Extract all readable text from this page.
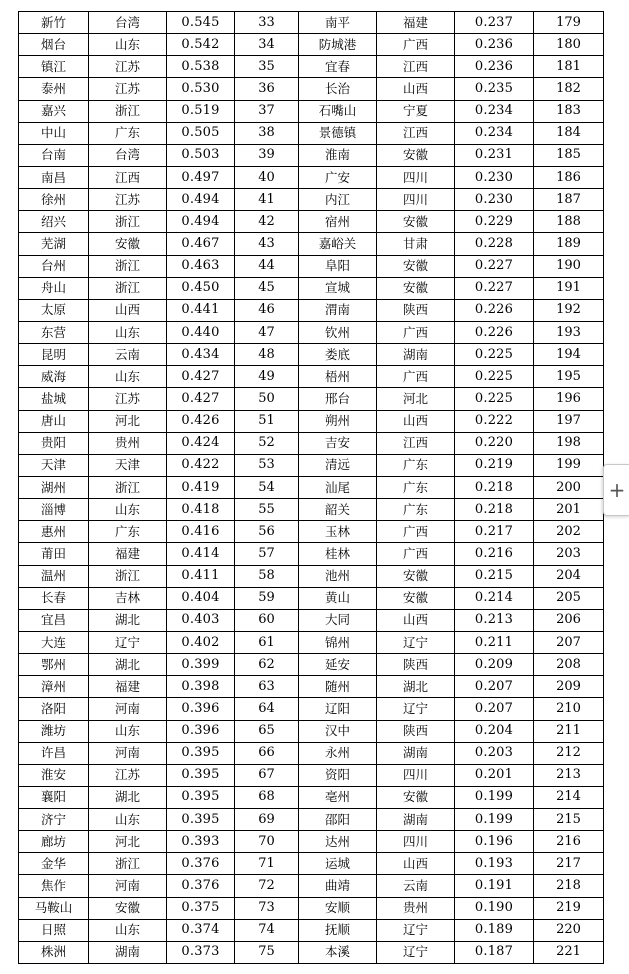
新竹	台湾	0.545	33	南平	福建	0.237	179
烟台	山东	0.542	34	防城港	广西	0.236	180
镇江	江苏	0.538	35	宜春	江西	0.236	181
泰州	江苏	0.530	36	长治	山西	0.235	182
嘉兴	浙江	0.519	37	石嘴山	宁夏	0.234	183
中山	广东	0.505	38	景德镇	江西	0.234	184
台南	台湾	0.503	39	淮南	安徽	0.231	185
南昌	江西	0.497	40	广安	四川	0.230	186
徐州	江苏	0.494	41	内江	四川	0.230	187
绍兴	浙江	0.494	42	宿州	安徽	0.229	188
芜湖	安徽	0.467	43	嘉峪关	甘肃	0.228	189
台州	浙江	0.463	44	阜阳	安徽	0.227	190
舟山	浙江	0.450	45	宣城	安徽	0.227	191
太原	山西	0.441	46	渭南	陕西	0.226	192
东营	山东	0.440	47	钦州	广西	0.226	193
昆明	云南	0.434	48	娄底	湖南	0.225	194
威海	山东	0.427	49	梧州	广西	0.225	195
盐城	江苏	0.427	50	邢台	河北	0.225	196
唐山	河北	0.426	51	朔州	山西	0.222	197
贵阳	贵州	0.424	52	吉安	江西	0.220	198
天津	天津	0.422	53	清远	广东	0.219	199
湖州	浙江	0.419	54	汕尾	广东	0.218	200
淄博	山东	0.418	55	韶关	广东	0.218	201
惠州	广东	0.416	56	玉林	广西	0.217	202
莆田	福建	0.414	57	桂林	广西	0.216	203
温州	浙江	0.411	58	池州	安徽	0.215	204
长春	吉林	0.404	59	黄山	安徽	0.214	205
宜昌	湖北	0.403	60	大同	山西	0.213	206
大连	辽宁	0.402	61	锦州	辽宁	0.211	207
鄂州	湖北	0.399	62	延安	陕西	0.209	208
漳州	福建	0.398	63	随州	湖北	0.207	209
洛阳	河南	0.396	64	辽阳	辽宁	0.207	210
潍坊	山东	0.396	65	汉中	陕西	0.204	211
许昌	河南	0.395	66	永州	湖南	0.203	212
淮安	江苏	0.395	67	资阳	四川	0.201	213
襄阳	湖北	0.395	68	亳州	安徽	0.199	214
济宁	山东	0.395	69	邵阳	湖南	0.199	215
廊坊	河北	0.393	70	达州	四川	0.196	216
金华	浙江	0.376	71	运城	山西	0.193	217
焦作	河南	0.376	72	曲靖	云南	0.191	218
马鞍山	安徽	0.375	73	安顺	贵州	0.190	219
日照	山东	0.374	74	抚顺	辽宁	0.189	220
株洲	湖南	0.373	75	本溪	辽宁	0.187	221
+
